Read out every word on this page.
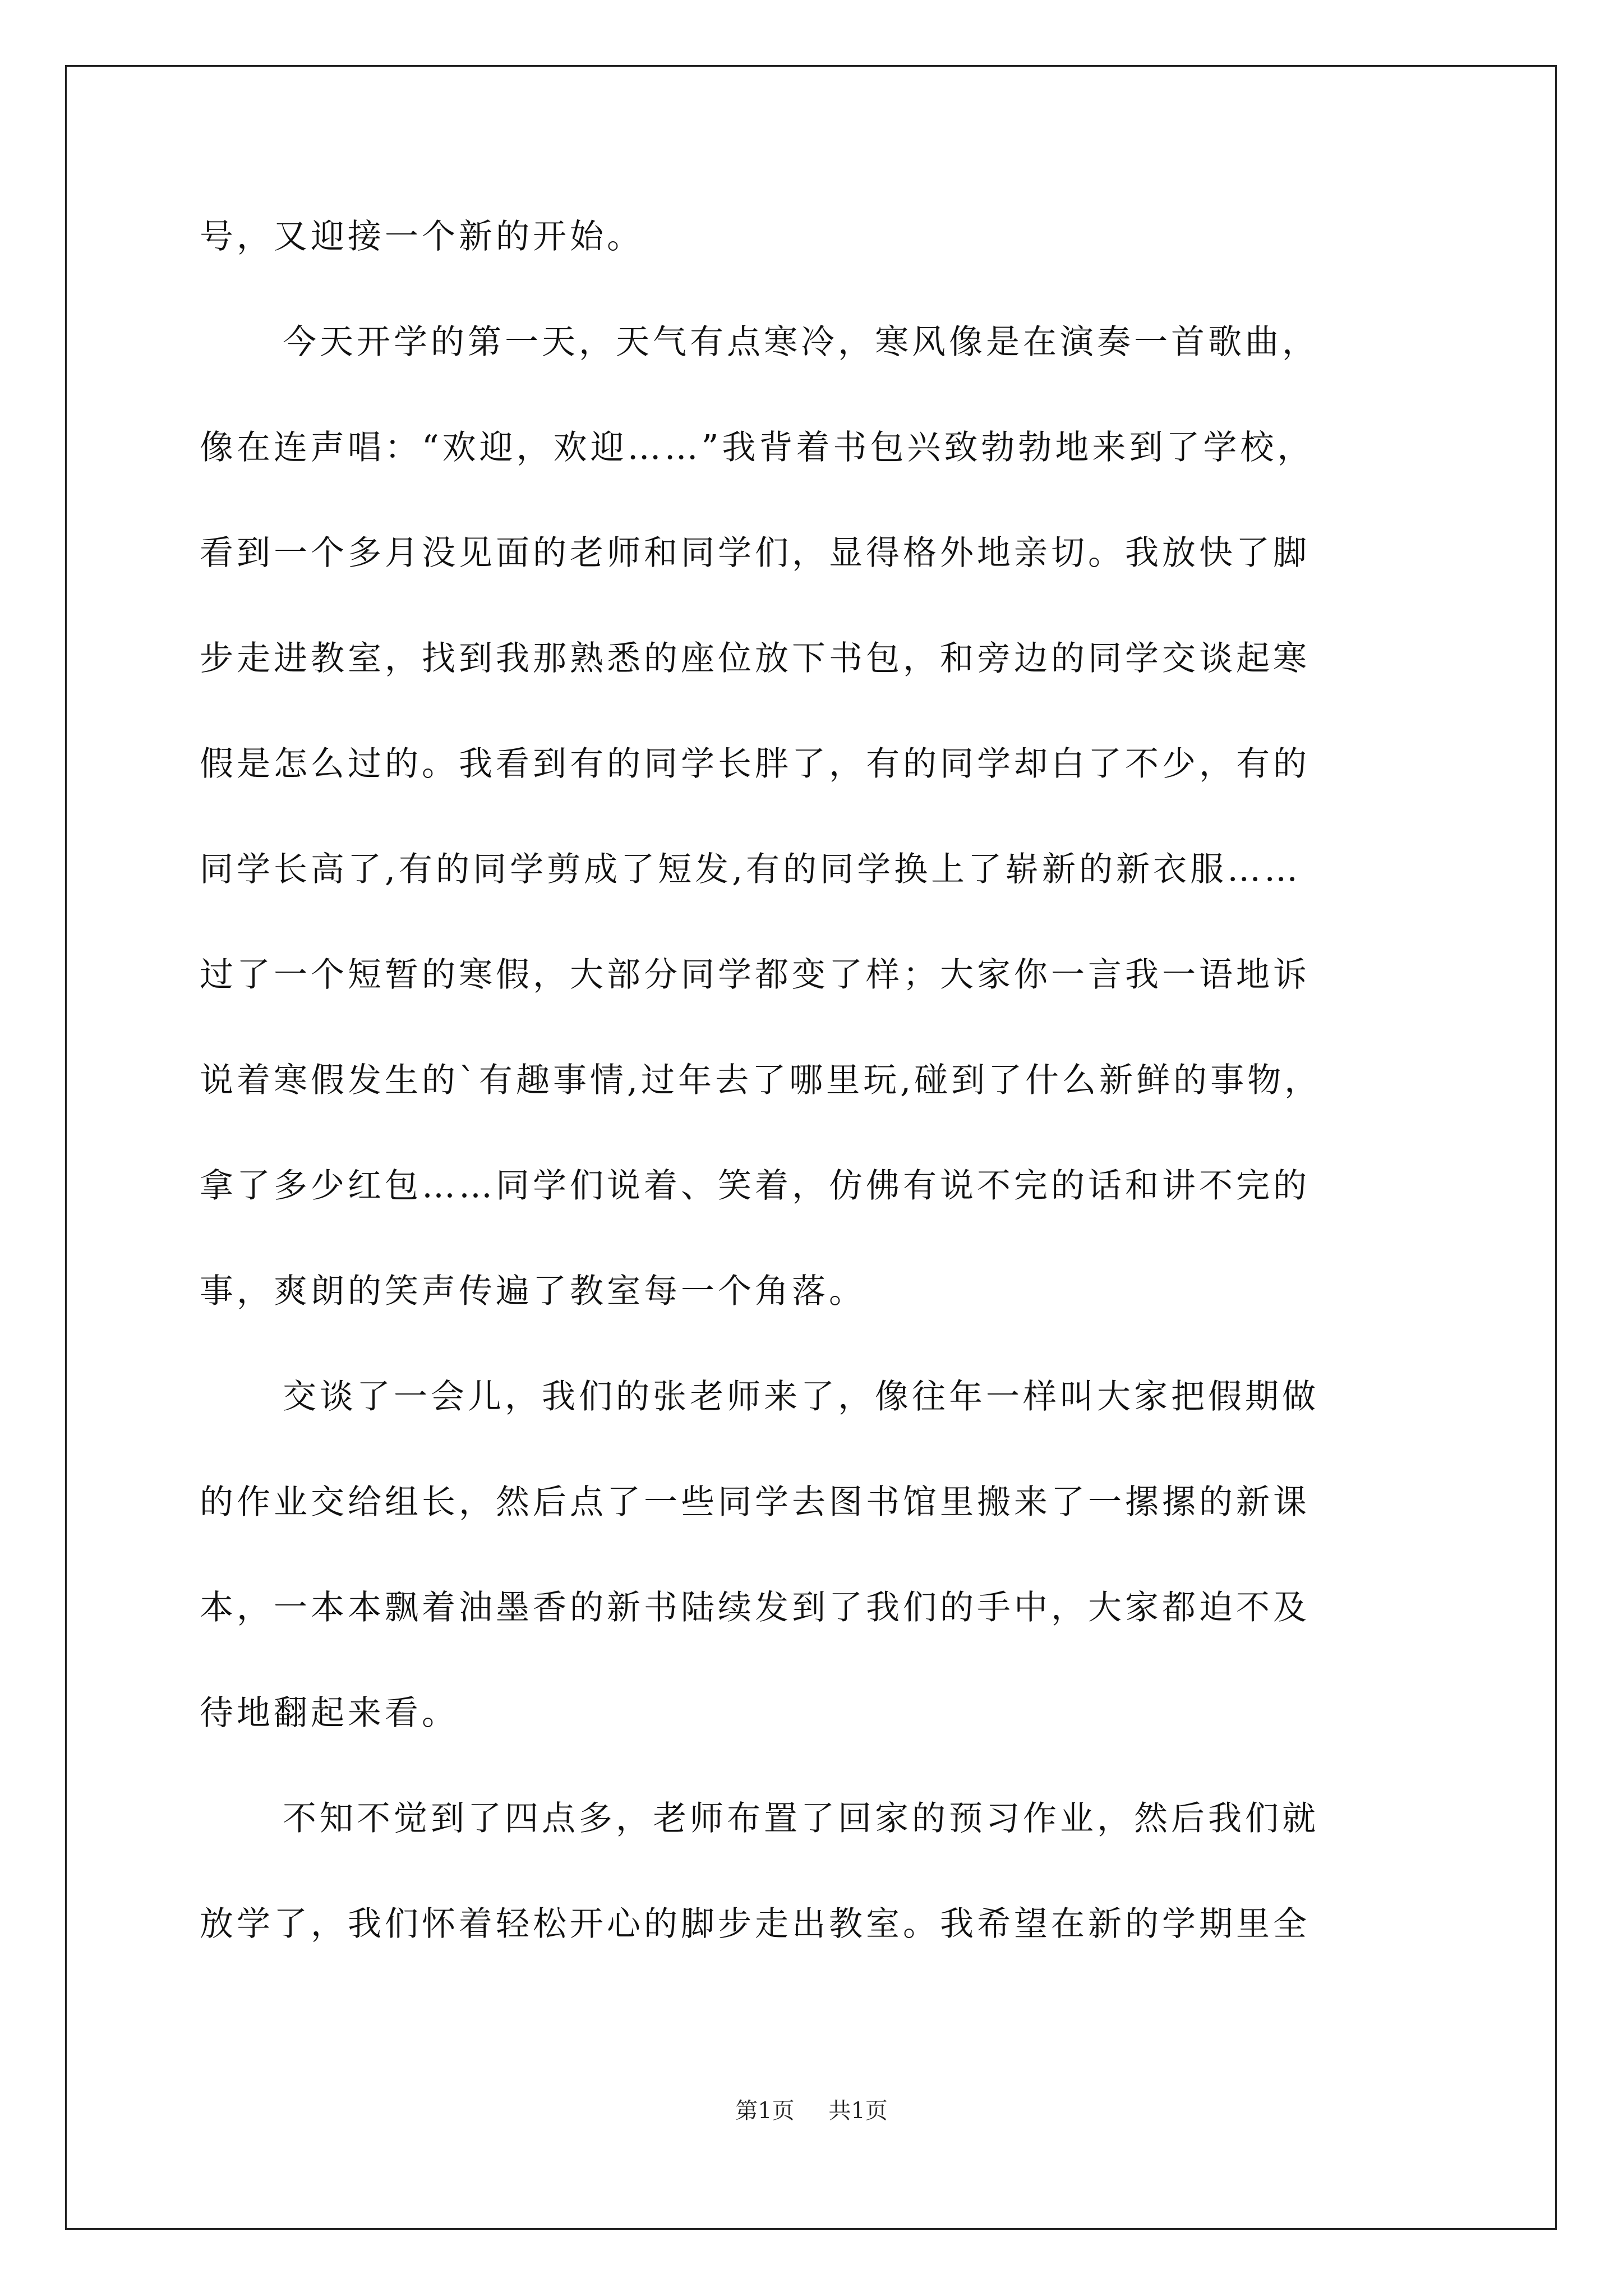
号，又迎接一个新的开始。
今天开学的第一天，天气有点寒冷，寒风像是在演奏一首歌曲，
像在连声唱：“欢迎，欢迎……”我背着书包兴致勃勃地来到了学校，
看到一个多月没见面的老师和同学们，显得格外地亲切。我放快了脚
步走进教室，找到我那熟悉的座位放下书包，和旁边的同学交谈起寒
假是怎么过的。我看到有的同学长胖了，有的同学却白了不少，有的
同学长高了,有的同学剪成了短发,有的同学换上了崭新的新衣服……
过了一个短暂的寒假，大部分同学都变了样；大家你一言我一语地诉
说着寒假发生的`有趣事情,过年去了哪里玩,碰到了什么新鲜的事物，
拿了多少红包……同学们说着、笑着，仿佛有说不完的话和讲不完的
事，爽朗的笑声传遍了教室每一个角落。
交谈了一会儿，我们的张老师来了，像往年一样叫大家把假期做
的作业交给组长，然后点了一些同学去图书馆里搬来了一摞摞的新课
本，一本本飘着油墨香的新书陆续发到了我们的手中，大家都迫不及
待地翻起来看。
不知不觉到了四点多，老师布置了回家的预习作业，然后我们就
放学了，我们怀着轻松开心的脚步走出教室。我希望在新的学期里全
第1页 共1页
